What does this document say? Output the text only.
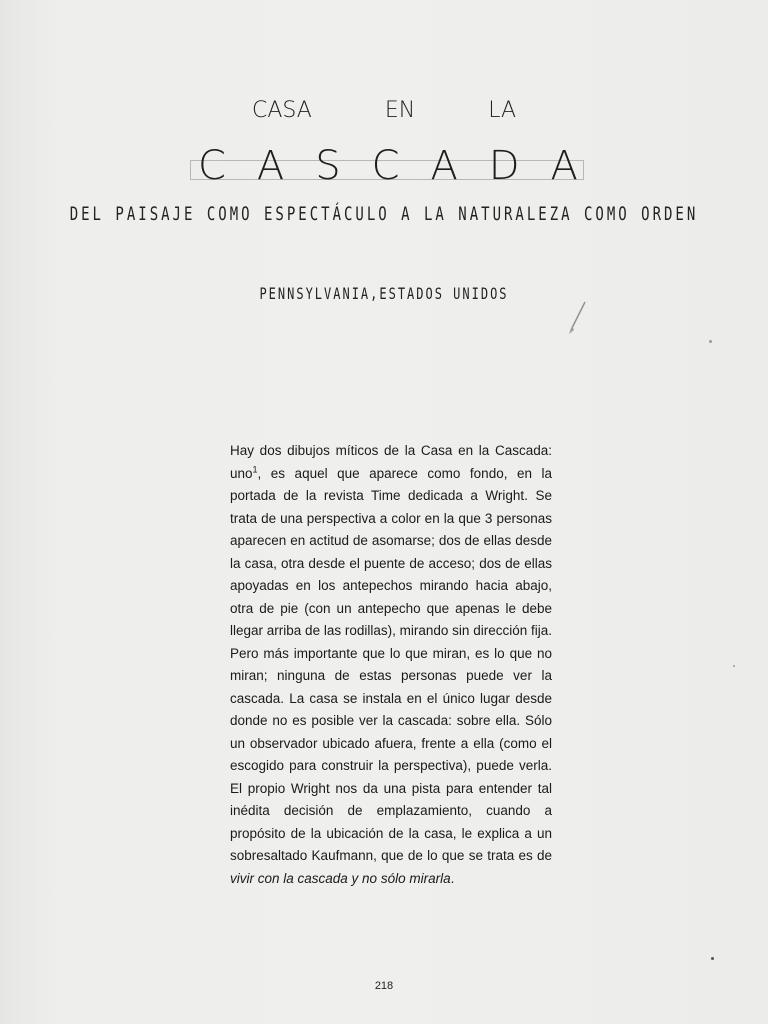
CASA	EN	LA
C A S C A D A
DEL PAISAJE COMO ESPECTÁCULO A LA NATURALEZA COMO ORDEN
PENNSYLVANIA,ESTADOS UNIDOS
Hay dos dibujos míticos de la Casa en la Cascada: uno$^1$, es aquel que aparece como fondo, en la portada de la revista Time dedicada a Wright. Se trata de una perspectiva a color en la que 3 personas aparecen en actitud de asomarse; dos de ellas desde la casa, otra desde el puente de acceso; dos de ellas apoyadas en los antepechos mirando hacia abajo, otra de pie (con un antepecho que apenas le debe llegar arriba de las rodillas), mirando sin dirección fija. Pero más importante que lo que miran, es lo que no miran; ninguna de estas personas puede ver la cascada. La casa se instala en el único lugar desde donde no es posible ver la cascada: sobre ella. Sólo un observador ubicado afuera, frente a ella (como el escogido para construir la perspectiva), puede verla. El propio Wright nos da una pista para entender tal inédita decisión de emplazamiento, cuando a propósito de la ubicación de la casa, le explica a un sobresaltado Kaufmann, que de lo que se trata es de vivir con la cascada y no sólo mirarla.
218
